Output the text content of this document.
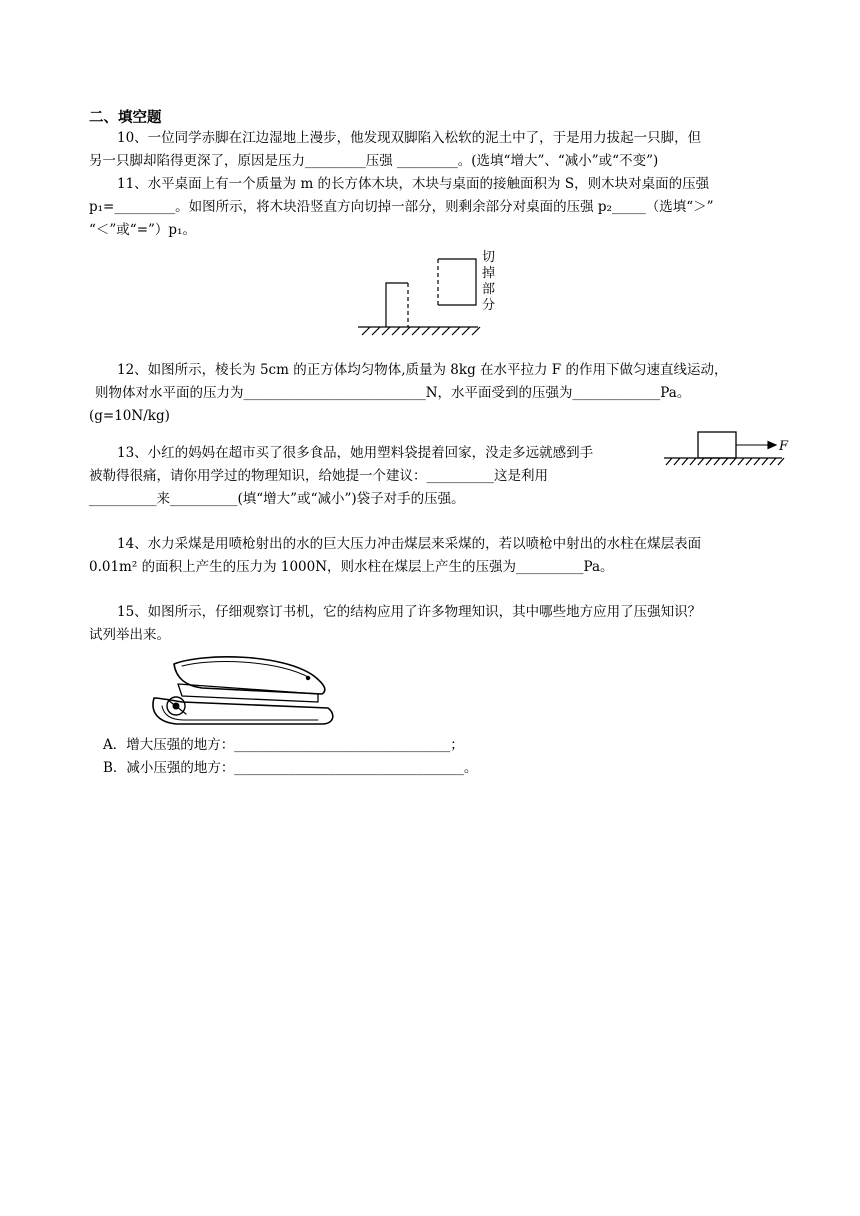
二、填空题
10、一位同学赤脚在江边湿地上漫步，他发现双脚陷入松软的泥土中了，于是用力拔起一只脚，但
另一只脚却陷得更深了，原因是压力_________压强 _________。(选填“增大”、“减小”或“不变”)
11、水平桌面上有一个质量为 m 的长方体木块，木块与桌面的接触面积为 S，则木块对桌面的压强
p₁=_________。如图所示，将木块沿竖直方向切掉一部分，则剩余部分对桌面的压强 p₂_____（选填“＞”
“＜”或“=”）p₁。
切
掉
部
分
12、如图所示，棱长为 5cm 的正方体均匀物体,质量为 8kg 在水平拉力 F 的作用下做匀速直线运动，
则物体对水平面的压力为___________________________N，水平面受到的压强为_____________Pa。
(g=10N/kg)
F
13、小红的妈妈在超市买了很多食品，她用塑料袋提着回家，没走多远就感到手
被勒得很痛，请你用学过的物理知识，给她提一个建议：__________这是利用
__________来__________(填“增大”或“减小”)袋子对手的压强。
14、水力采煤是用喷枪射出的水的巨大压力冲击煤层来采煤的，若以喷枪中射出的水柱在煤层表面
0.01m² 的面积上产生的压力为 1000N，则水柱在煤层上产生的压强为__________Pa。
15、如图所示，仔细观察订书机，它的结构应用了许多物理知识，其中哪些地方应用了压强知识？
试列举出来。
A．增大压强的地方：________________________________；
B．减小压强的地方：__________________________________。
